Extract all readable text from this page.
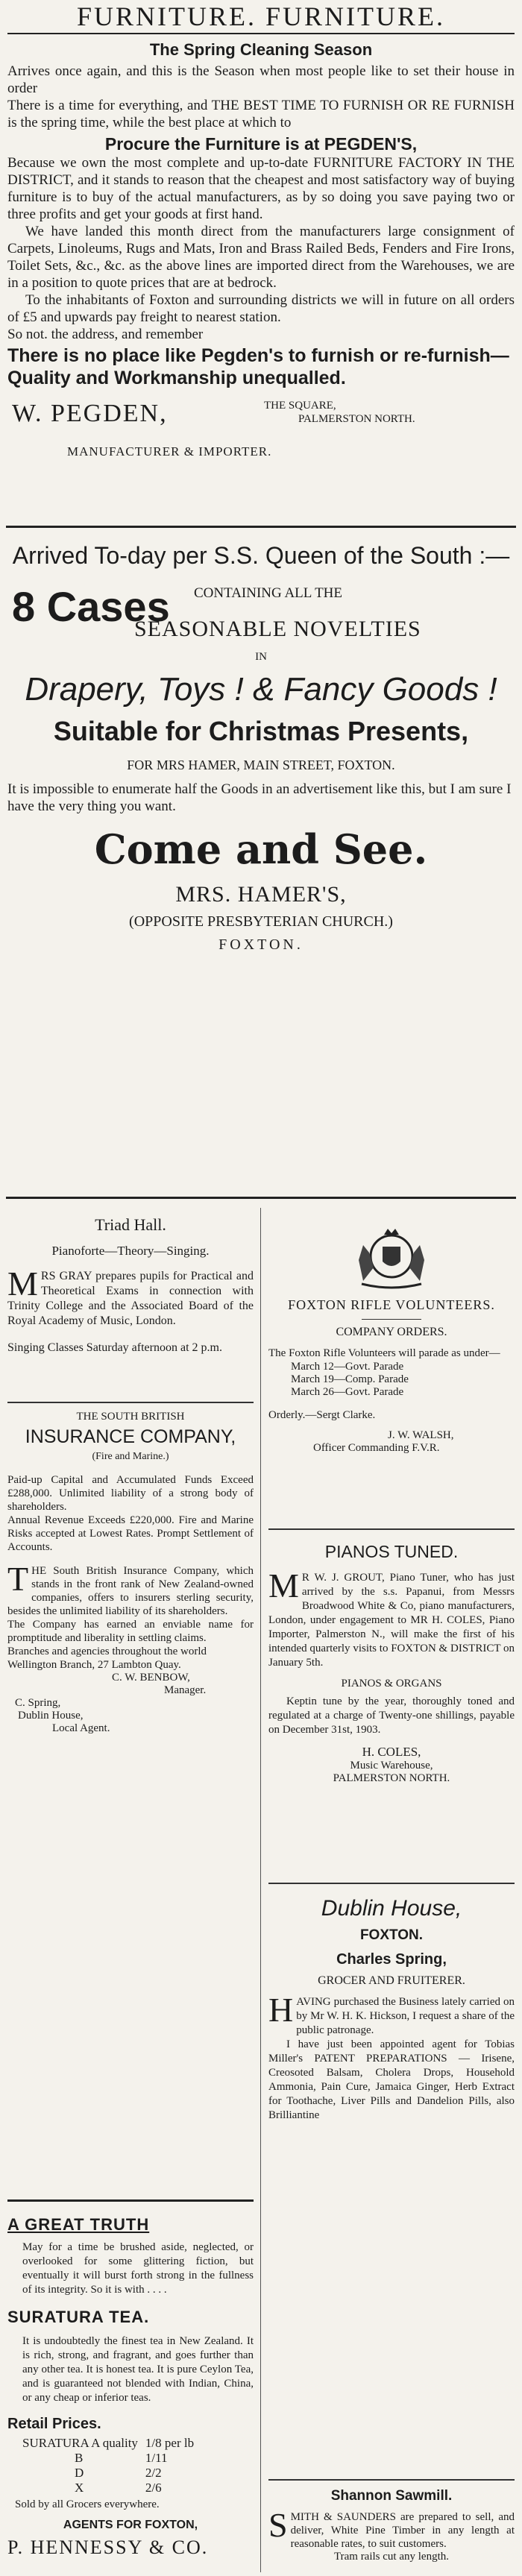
FURNITURE. FURNITURE.
The Spring Cleaning Season

Arrives once again, and this is the Season when most people like to set their house in order

There is a time for everything, and THE BEST TIME TO FURNISH OR RE FURNISH is the spring time, while the best place at which to

Procure the Furniture is at PEGDEN'S,

Because we own the most complete and up-to-date FURNITURE FACTORY IN THE DISTRICT, and it stands to reason that the cheapest and most satisfactory way of buying furniture is to buy of the actual manufacturers, as by so doing you save paying two or three profits and get your goods at first hand.

We have landed this month direct from the manufacturers large consignment of Carpets, Linoleums, Rugs and Mats, Iron and Brass Railed Beds, Fenders and Fire Irons, Toilet Sets, &c., &c. as the above lines are imported direct from the Warehouses, we are in a position to quote prices that are at bedrock.

To the inhabitants of Foxton and surrounding districts we will in future on all orders of £5 and upwards pay freight to nearest station.

So not. the address, and remember

There is no place like Pegden's to furnish or re-furnish—Quality and Workmanship unequalled.
W. PEGDEN,	THE SQUARE,
PALMERSTON NORTH.
MANUFACTURER & IMPORTER.
Arrived To-day per S.S. Queen of the South :—
8 Cases CONTAINING ALL THE
SEASONABLE NOVELTIES
IN
Drapery, Toys ! & Fancy Goods !
Suitable for Christmas Presents,
FOR MRS HAMER, MAIN STREET, FOXTON.

It is impossible to enumerate half the Goods in an advertisement like this, but I am sure I have the very thing you want.

Come and See.
MRS. HAMER'S,
(OPPOSITE PRESBYTERIAN CHURCH.)
FOXTON.
Triad Hall.
Pianoforte—Theory—Singing.

MRS GRAY prepares pupils for Practical and Theoretical Exams in connection with Trinity College and the Associated Board of the Royal Academy of Music, London.

Singing Classes Saturday afternoon at 2 p.m.

THE SOUTH BRITISH
INSURANCE COMPANY,
(Fire and Marine.)

Paid-up Capital and Accumulated Funds Exceed £288,000. Unlimited liability of a strong body of shareholders.

Annual Revenue Exceeds £220,000. Fire and Marine Risks accepted at Lowest Rates. Prompt Settlement of Accounts.

THE South British Insurance Company, which stands in the front rank of New Zealand-owned companies, offers to insurers sterling security, besides the unlimited liability of its shareholders.

The Company has earned an enviable name for promptitude and liberality in settling claims.

Branches and agencies throughout the world

Wellington Branch, 27 Lambton Quay.

C. W. BENBOW,
Manager.
C. Spring,
Dublin House,
Local Agent.
A GREAT TRUTH

May for a time be brushed aside, neglected, or overlooked for some glittering fiction, but eventually it will burst forth strong in the fullness of its integrity. So it is with . . . .

SURATURA TEA.

It is undoubtedly the finest tea in New Zealand. It is rich, strong, and fragrant, and goes further than any other tea. It is honest tea. It is pure Ceylon Tea, and is guaranteed not blended with Indian, China, or any cheap or inferior teas.

Retail Prices.
SURATURA A quality	1/8 per lb
B	1/11
D	2/2
X	2/6
Sold by all Grocers everywhere.
AGENTS FOR FOXTON,
P. HENNESSY & CO.
FOXTON RIFLE VOLUNTEERS.
COMPANY ORDERS.

The Foxton Rifle Volunteers will parade as under—

March 12—Govt. Parade
March 19—Comp. Parade
March 26—Govt. Parade
Orderly.—Sergt Clarke.
J. W. WALSH,
Officer Commanding F.V.R.
PIANOS TUNED.

MR W. J. GROUT, Piano Tuner, who has just arrived by the s.s. Papanui, from Messrs Broadwood White & Co, piano manufacturers, London, under engagement to MR H. COLES, Piano Importer, Palmerston N., will make the first of his intended quarterly visits to FOXTON & DISTRICT on January 5th.

PIANOS & ORGANS

Keptin tune by the year, thoroughly toned and regulated at a charge of Twenty-one shillings, payable on December 31st, 1903.

H. COLES,
Music Warehouse,
PALMERSTON NORTH.
Dublin House,
FOXTON.
Charles Spring,
GROCER AND FRUITERER.

HAVING purchased the Business lately carried on by Mr W. H. K. Hickson, I request a share of the public patronage.

I have just been appointed agent for Tobias Miller's PATENT PREPARATIONS — Irisene, Creosoted Balsam, Cholera Drops, Household Ammonia, Pain Cure, Jamaica Ginger, Herb Extract for Toothache, Liver Pills and Dandelion Pills, also Brilliantine

Shannon Sawmill.

SMITH & SAUNDERS are prepared to sell, and deliver, White Pine Timber in any length at reasonable rates, to suit customers.

Tram rails cut any length.
